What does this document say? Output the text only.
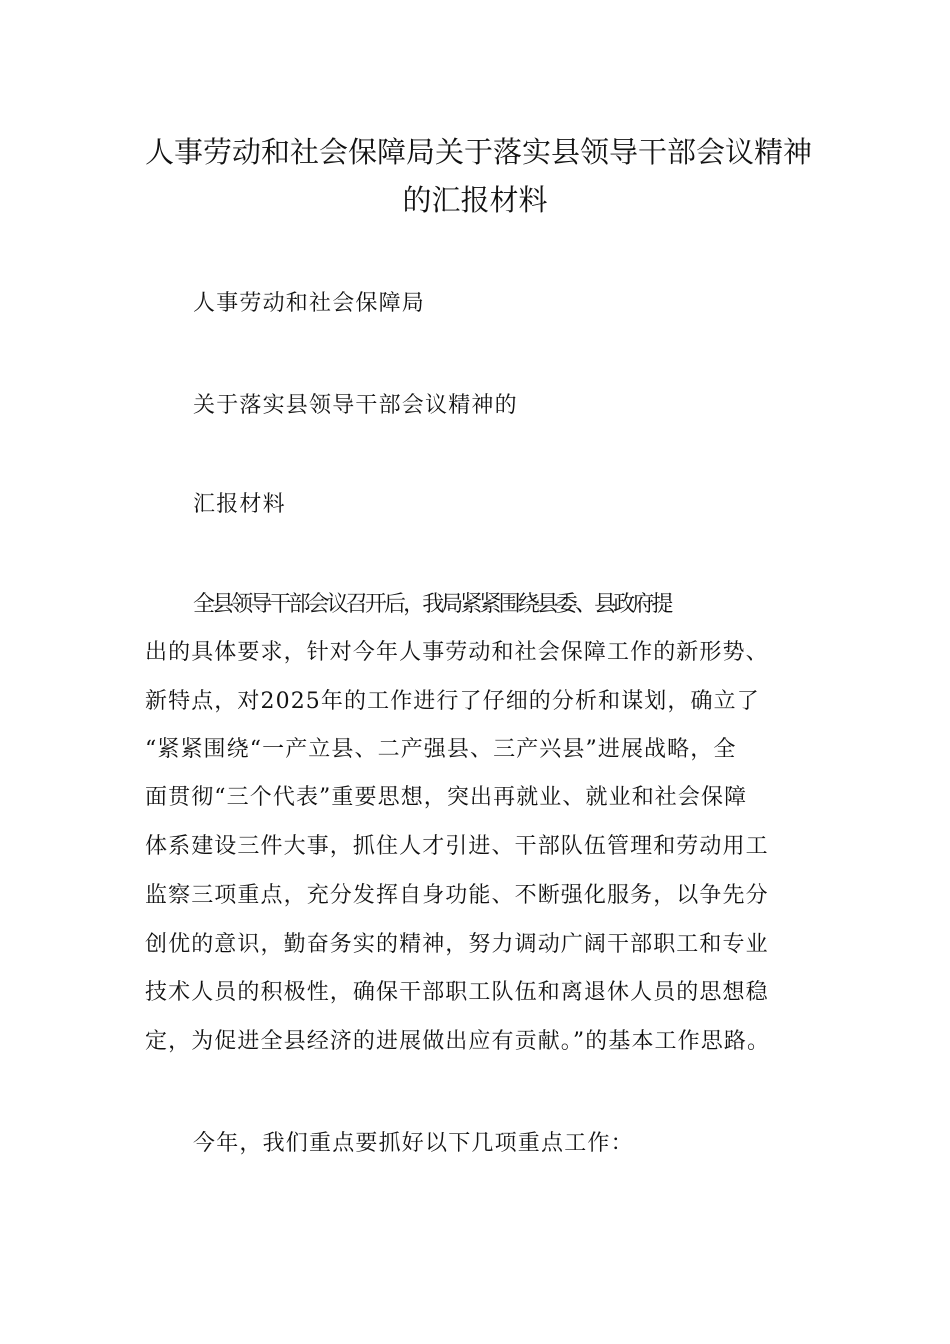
人事劳动和社会保障局关于落实县领导干部会议精神
的汇报材料
人事劳动和社会保障局
关于落实县领导干部会议精神的
汇报材料
全县领导干部会议召开后，我局紧紧围绕县委、县政府提
出的具体要求，针对今年人事劳动和社会保障工作的新形势、
新特点，对2025年的工作进行了仔细的分析和谋划，确立了
“紧紧围绕“一产立县、二产强县、三产兴县”进展战略，全
面贯彻“三个代表”重要思想，突出再就业、就业和社会保障
体系建设三件大事，抓住人才引进、干部队伍管理和劳动用工
监察三项重点，充分发挥自身功能、不断强化服务，以争先分
创优的意识，勤奋务实的精神，努力调动广阔干部职工和专业
技术人员的积极性，确保干部职工队伍和离退休人员的思想稳
定，为促进全县经济的进展做出应有贡献。”的基本工作思路。
今年，我们重点要抓好以下几项重点工作：
